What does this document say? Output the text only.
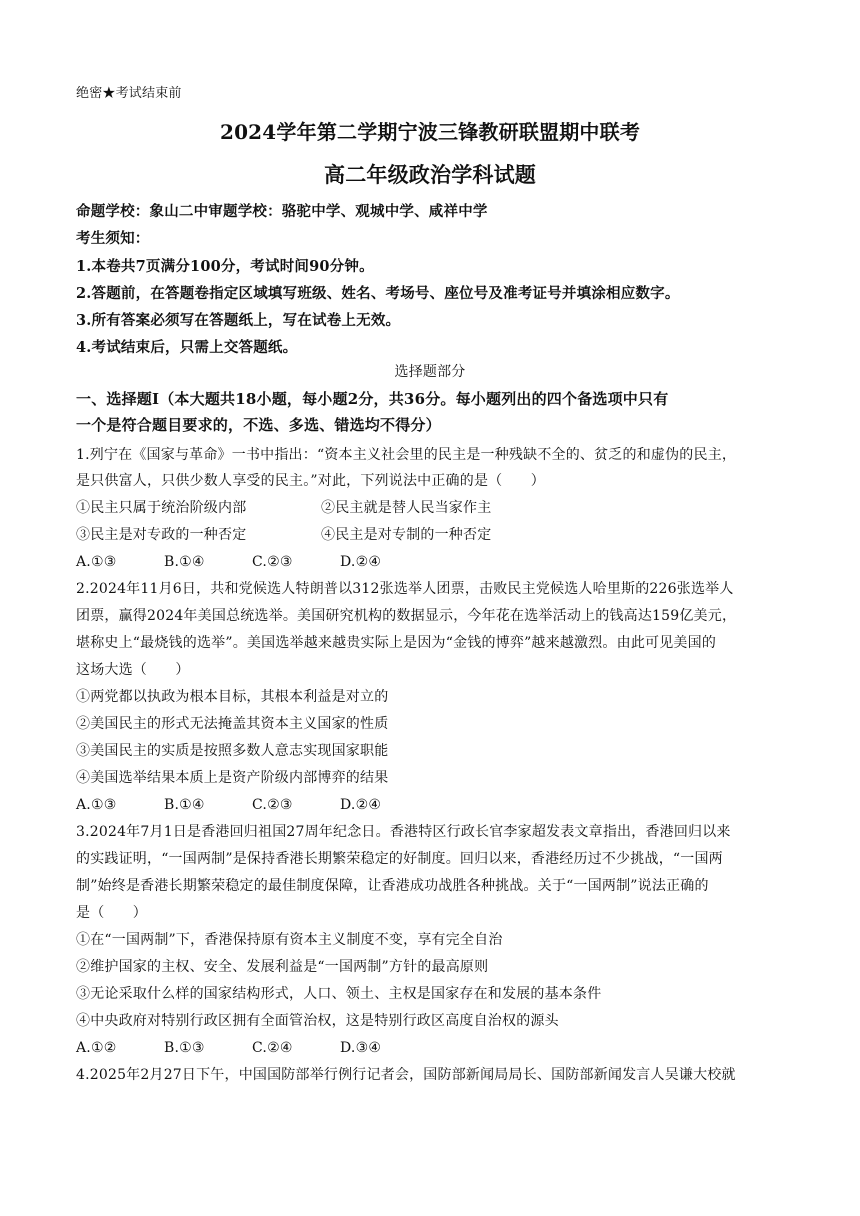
绝密★考试结束前
2024学年第二学期宁波三锋教研联盟期中联考
高二年级政治学科试题
命题学校：象山二中审题学校：骆驼中学、观城中学、咸祥中学
考生须知：
1.本卷共7页满分100分，考试时间90分钟。
2.答题前，在答题卷指定区域填写班级、姓名、考场号、座位号及准考证号并填涂相应数字。
3.所有答案必须写在答题纸上，写在试卷上无效。
4.考试结束后，只需上交答题纸。
选择题部分
一、选择题Ⅰ（本大题共18小题，每小题2分，共36分。每小题列出的四个备选项中只有
一个是符合题目要求的，不选、多选、错选均不得分）
1.列宁在《国家与革命》一书中指出：“资本主义社会里的民主是一种残缺不全的、贫乏的和虚伪的民主，
是只供富人，只供少数人享受的民主。”对此，下列说法中正确的是（　　）
①民主只属于统治阶级内部	②民主就是替人民当家作主
③民主是对专政的一种否定	④民主是对专制的一种否定
A.①③	B.①④	C.②③	D.②④
2.2024年11月6日，共和党候选人特朗普以312张选举人团票，击败民主党候选人哈里斯的226张选举人
团票，赢得2024年美国总统选举。美国研究机构的数据显示，今年花在选举活动上的钱高达159亿美元，
堪称史上“最烧钱的选举”。美国选举越来越贵实际上是因为“金钱的博弈”越来越激烈。由此可见美国的
这场大选（　　）
①两党都以执政为根本目标，其根本利益是对立的
②美国民主的形式无法掩盖其资本主义国家的性质
③美国民主的实质是按照多数人意志实现国家职能
④美国选举结果本质上是资产阶级内部博弈的结果
A.①③	B.①④	C.②③	D.②④
3.2024年7月1日是香港回归祖国27周年纪念日。香港特区行政长官李家超发表文章指出，香港回归以来
的实践证明，“一国两制”是保持香港长期繁荣稳定的好制度。回归以来，香港经历过不少挑战，“一国两
制”始终是香港长期繁荣稳定的最佳制度保障，让香港成功战胜各种挑战。关于“一国两制”说法正确的
是（　　）
①在“一国两制”下，香港保持原有资本主义制度不变，享有完全自治
②维护国家的主权、安全、发展利益是“一国两制”方针的最高原则
③无论采取什么样的国家结构形式，人口、领土、主权是国家存在和发展的基本条件
④中央政府对特别行政区拥有全面管治权，这是特别行政区高度自治权的源头
A.①②	B.①③	C.②④	D.③④
4.2025年2月27日下午，中国国防部举行例行记者会，国防部新闻局局长、国防部新闻发言人吴谦大校就
